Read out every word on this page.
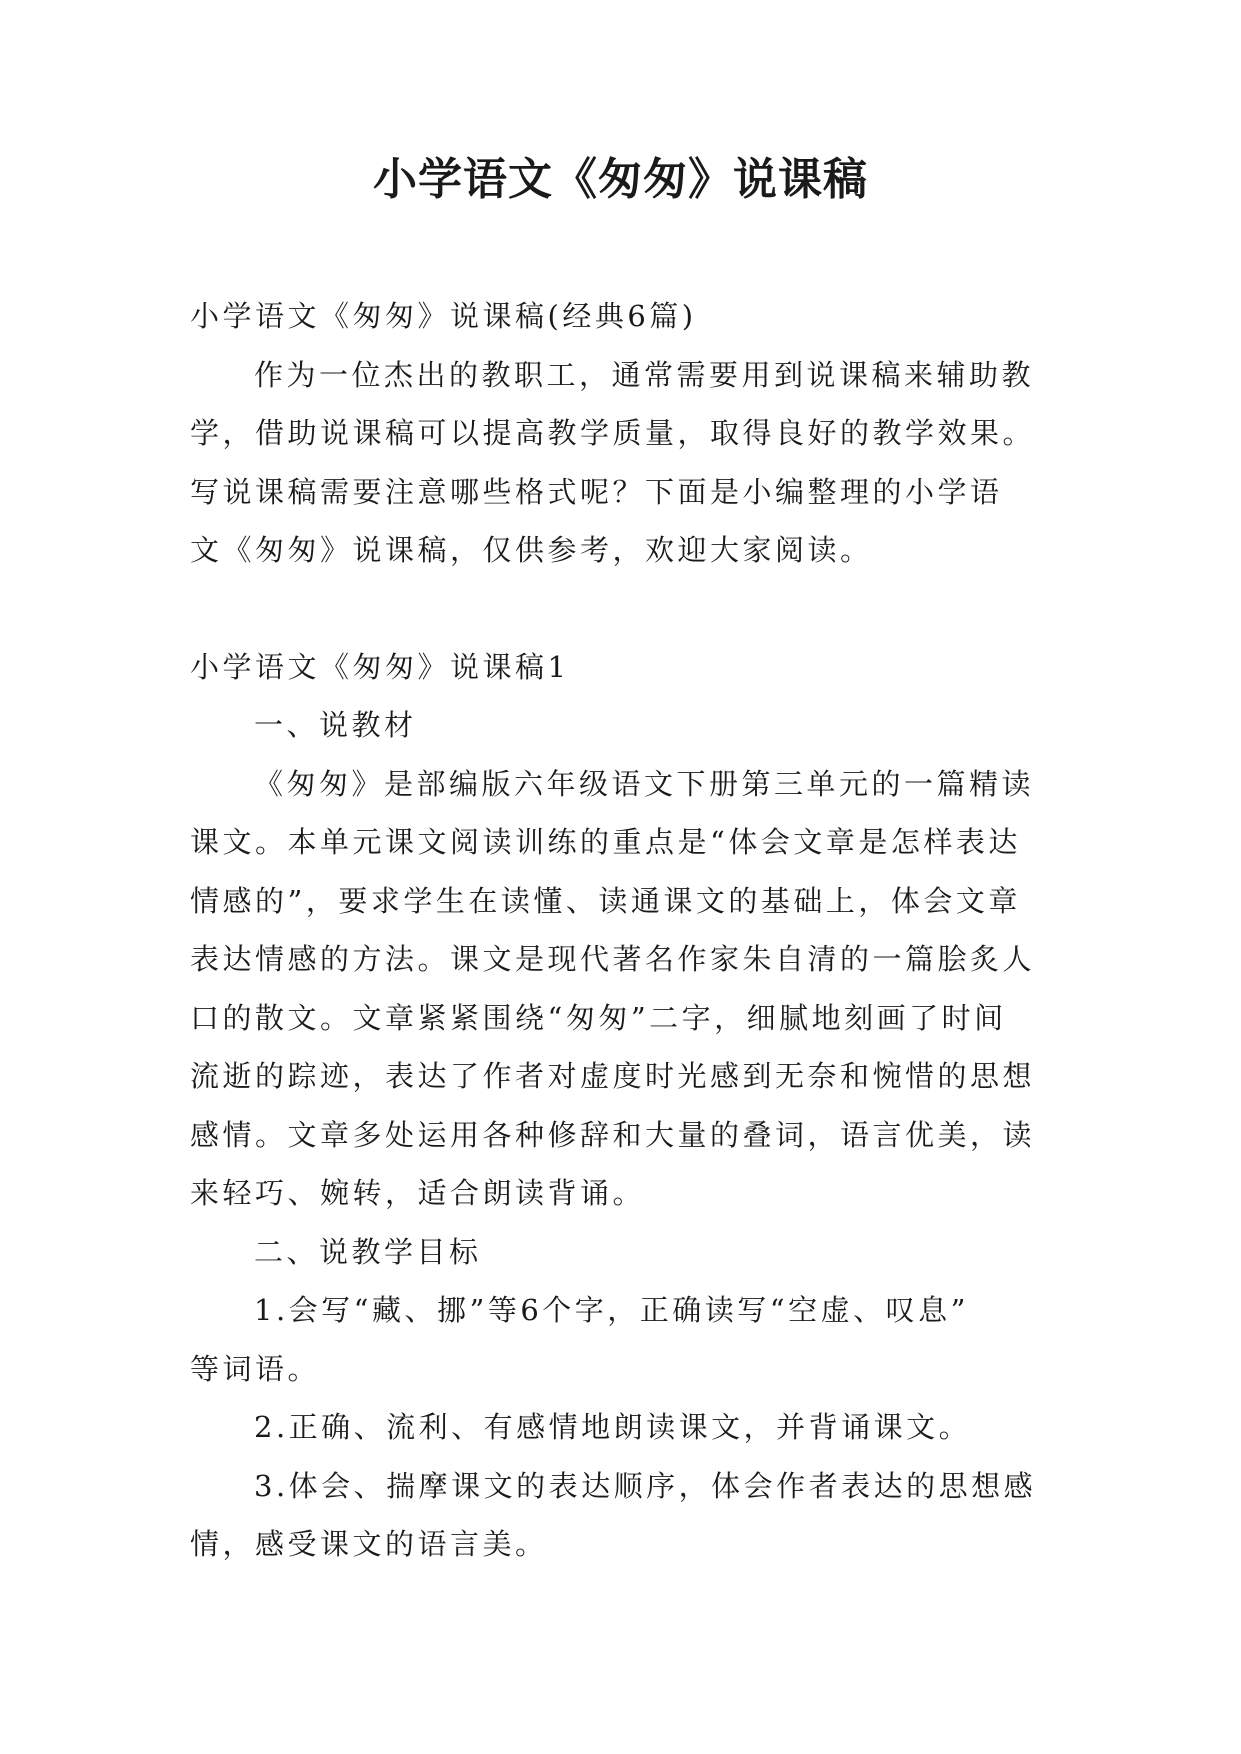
小学语文《匆匆》说课稿

小学语文《匆匆》说课稿(经典6篇)

作为一位杰出的教职工，通常需要用到说课稿来辅助教
学，借助说课稿可以提高教学质量，取得良好的教学效果。
写说课稿需要注意哪些格式呢？下面是小编整理的小学语
文《匆匆》说课稿，仅供参考，欢迎大家阅读。

小学语文《匆匆》说课稿1

一、说教材

《匆匆》是部编版六年级语文下册第三单元的一篇精读
课文。本单元课文阅读训练的重点是“体会文章是怎样表达
情感的”，要求学生在读懂、读通课文的基础上，体会文章
表达情感的方法。课文是现代著名作家朱自清的一篇脍炙人
口的散文。文章紧紧围绕“匆匆”二字，细腻地刻画了时间
流逝的踪迹，表达了作者对虚度时光感到无奈和惋惜的思想
感情。文章多处运用各种修辞和大量的叠词，语言优美，读
来轻巧、婉转，适合朗读背诵。

二、说教学目标

1.会写“藏、挪”等6个字，正确读写“空虚、叹息”
等词语。

2.正确、流利、有感情地朗读课文，并背诵课文。

3.体会、揣摩课文的表达顺序，体会作者表达的思想感
情，感受课文的语言美。
